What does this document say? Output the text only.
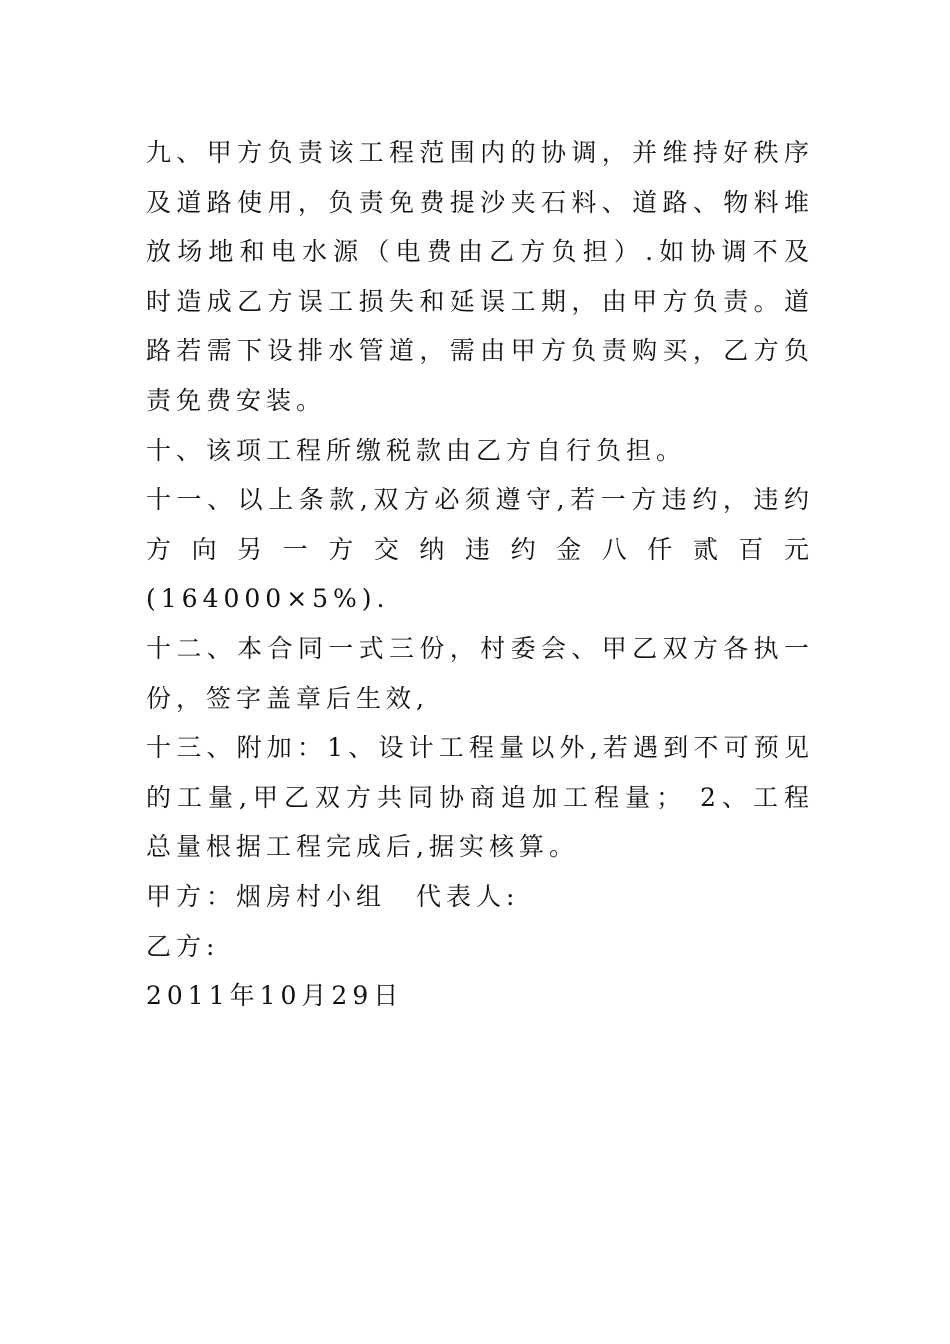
九、甲方负责该工程范围内的协调，并维持好秩序及道路使用，负责免费提沙夹石料、道路、物料堆放场地和电水源（电费由乙方负担）.如协调不及时造成乙方误工损失和延误工期，由甲方负责。道路若需下设排水管道，需由甲方负责购买，乙方负责免费安装。

十、该项工程所缴税款由乙方自行负担。

十一、以上条款,双方必须遵守,若一方违约，违约方向另一方交纳违约金八仟贰百元(164000×5%).

十二、本合同一式三份，村委会、甲乙双方各执一份，签字盖章后生效,

十三、附加：1、设计工程量以外,若遇到不可预见的工量,甲乙双方共同协商追加工程量； 2、工程总量根据工程完成后,据实核算。

甲方：烟房村小组　代表人:

乙方:

2011年10月29日
